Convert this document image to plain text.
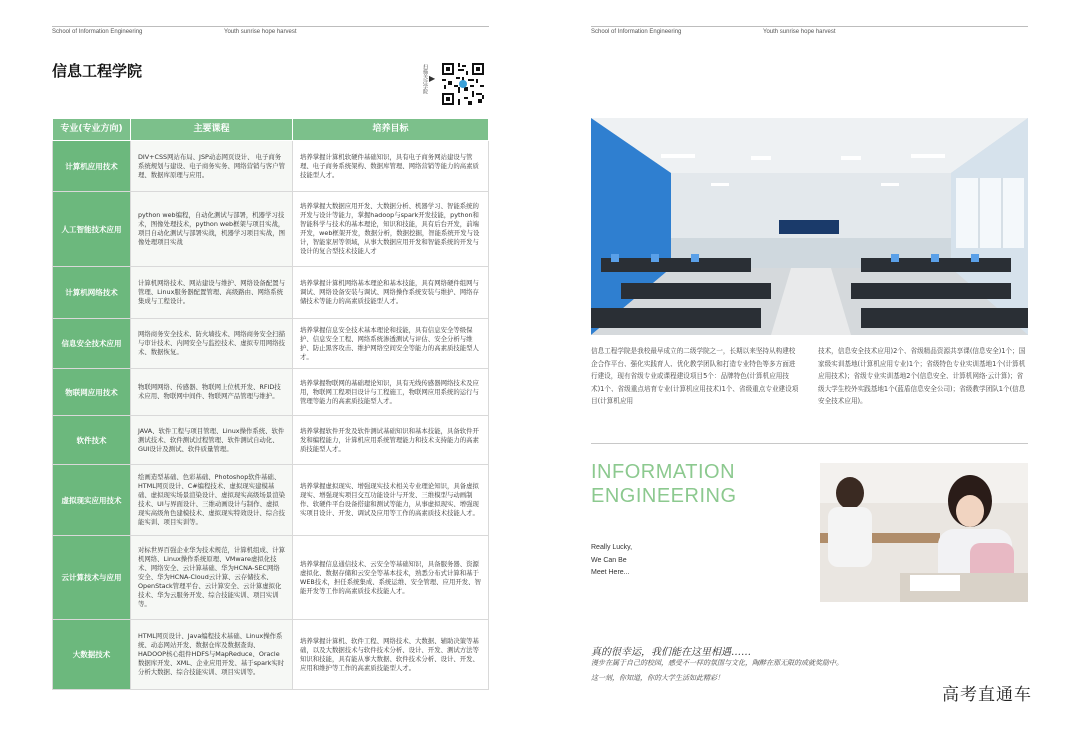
School of Information Engineering	Youth sunrise hope harvest
信息工程学院	扫描关注学院 ▶
专业(专业方向)	主要课程	培养目标
计算机应用技术	DIV+CSS网站布局、JSP动态网页设计、 电子商务系统规划与建设、电子商务实务、网络营销与客户管理、数据库原理与应用。	培养掌握计算机软硬件基础知识，具有电子商务网站建设与管理、电子商务系统架构、数据库管理、网络营销等能力的高素质技能型人才。
人工智能技术应用	python web编程，自动化测试与部署，机器学习技术，图像处理技术，python web框架与项目实战，项目自动化测试与部署实战，机器学习项目实战，图像处理项目实战	培养掌握大数据应用开发、大数据分析、机器学习、智能系统的开发与设计等能力，掌握hadoop与spark开发技能，python和智能科学与技术的基本理论，知识和技能，具有后台开发，前端开发，web框架开发，数据分析，数据挖掘，智能系统开发与设计，智能家居等领域，从事大数据应用开发和智能系统的开发与设计的复合型技术技能人才
计算机网络技术	计算机网络技术、网站建设与维护、网络设备配置与管理、Linux服务器配置管理、高级路由、网络系统集成与工程设计。	培养掌握计算机网络基本理论和基本技能，具有网络硬件组网与调试、网络设备安装与调试、网络操作系统安装与维护、网络存储技术等能力的高素质技能型人才。
信息安全技术应用	网络商务安全技术、防火墙技术、网络商务安全扫描与审计技术、内网安全与监控技术、虚拟专用网络技术、数据恢复。	培养掌握信息安全技术基本理论和技能，具有信息安全等级保护、信息安全工程、网络系统渗透测试与评估、安全分析与维护、防止黑客攻击、维护网络空间安全等能力的高素质技能型人才。
物联网应用技术	物联网网络、传感器、物联网上位机开发、RFID技术应用、物联网中间件、物联网产品管理与维护。	培养掌握物联网的基础理论知识，具有无线传感器网络技术及应用，物联网工程项目设计与工程施工，物联网应用系统的运行与管理等能力的高素质技能型人才。
软件技术	JAVA、软件工程与项目管理、Linux操作系统、软件测试技术、软件测试过程管理、软件测试自动化、GUI设计及测试、软件质量管理。	培养掌握软件开发及软件测试基础知识和基本技能，具备软件开发和编程能力，计算机应用系统管理能力和技术支持能力的高素质技能型人才。
虚拟现实应用技术	绘画造型基础、色彩基础、Photoshop软件基础、HTML网页设计、C#编程技术、虚拟现实建模基础、虚拟现实场景渲染设计、虚拟现实高级场景渲染技术、UI与界面设计、三维动画设计与制作、虚拟现实高级角色建模技术、虚拟现实特效设计、综合技能实训、项目实训等。	培养掌握虚拟现实、增强现实技术相关专业理论知识，具备虚拟现实、增强现实项目交互功能设计与开发、三维模型与动画制作、软硬件平台设备搭建和测试等能力，从事虚拟现实、增强现实项目设计、开发、调试及应用等工作的高素质技术技能人才。
云计算技术与应用	对标世界百强企业华为技术规范，计算机组成、计算机网络、Linux操作系统原理、VMware虚拟化技术、网络安全、云计算基础、华为HCNA-SEC网络安全、华为HCNA-Cloud云计算、云存储技术、OpenStack管理平台、云计算安全、云计算虚拟化技术、华为云服务开发、综合技能实训、项目实训等。	培养掌握信息通信技术、云安全等基础知识，具备服务器、资源虚拟化、数据存储和云安全等基本技术，熟悉分布式计算和基于WEB技术，担任系统集成、系统运维、安全管理、应用开发、智能开发等工作的高素质技术技能人才。
大数据技术	HTML网页设计、Java编程技术基础、Linux操作系统、动态网站开发、数据仓库及数据查询、HADOOP核心组件HDFS与MapReduce、Oracle数据库开发、XML、企业应用开发、基于spark实时分析大数据、综合技能实训、项目实训等。	培养掌握计算机、软件工程、网络技术、大数据、辅助决策等基础，以及大数据技术与软件技术分析、设计、开发、测试方法等知识和技能，具有能从事大数据、软件技术分析、设计、开发、应用和维护等工作的高素质技能型人才。
School of Information Engineering	Youth sunrise hope harvest
信息工程学院是我校最早成立的二级学院之一，长期以来坚持从构建校企合作平台、强化实践育人、优化教学团队和打造专业特色等多方面进行建设，现有省级专业或课程建设项目5个：品牌特色(计算机应用技术)1个、省级重点培育专业(计算机应用技术)1个、省级重点专业建设项目(计算机应用
技术，信息安全技术应用)2个、省级精品资源共享课(信息安全)1个；国家级实训基地(计算机应用专业)1个；省级特色专业实训基地1个(计算机应用技术)；省级专业实训基地2个(信息安全、计算机网络·云计算)；省级大学生校外实践基地1个(蓝盾信息安全公司)；省级教学团队1个(信息安全技术应用)。
INFORMATION
ENGINEERING
Really Lucky,
We Can Be
Meet Here...
真的很幸运，我们能在这里相遇……
漫步在属于自己的校园，感受不一样的氛围与文化，陶醉在那无限的成就奖励中。
这一刻，你知道，你的大学生活如此精彩！
高考直通车
